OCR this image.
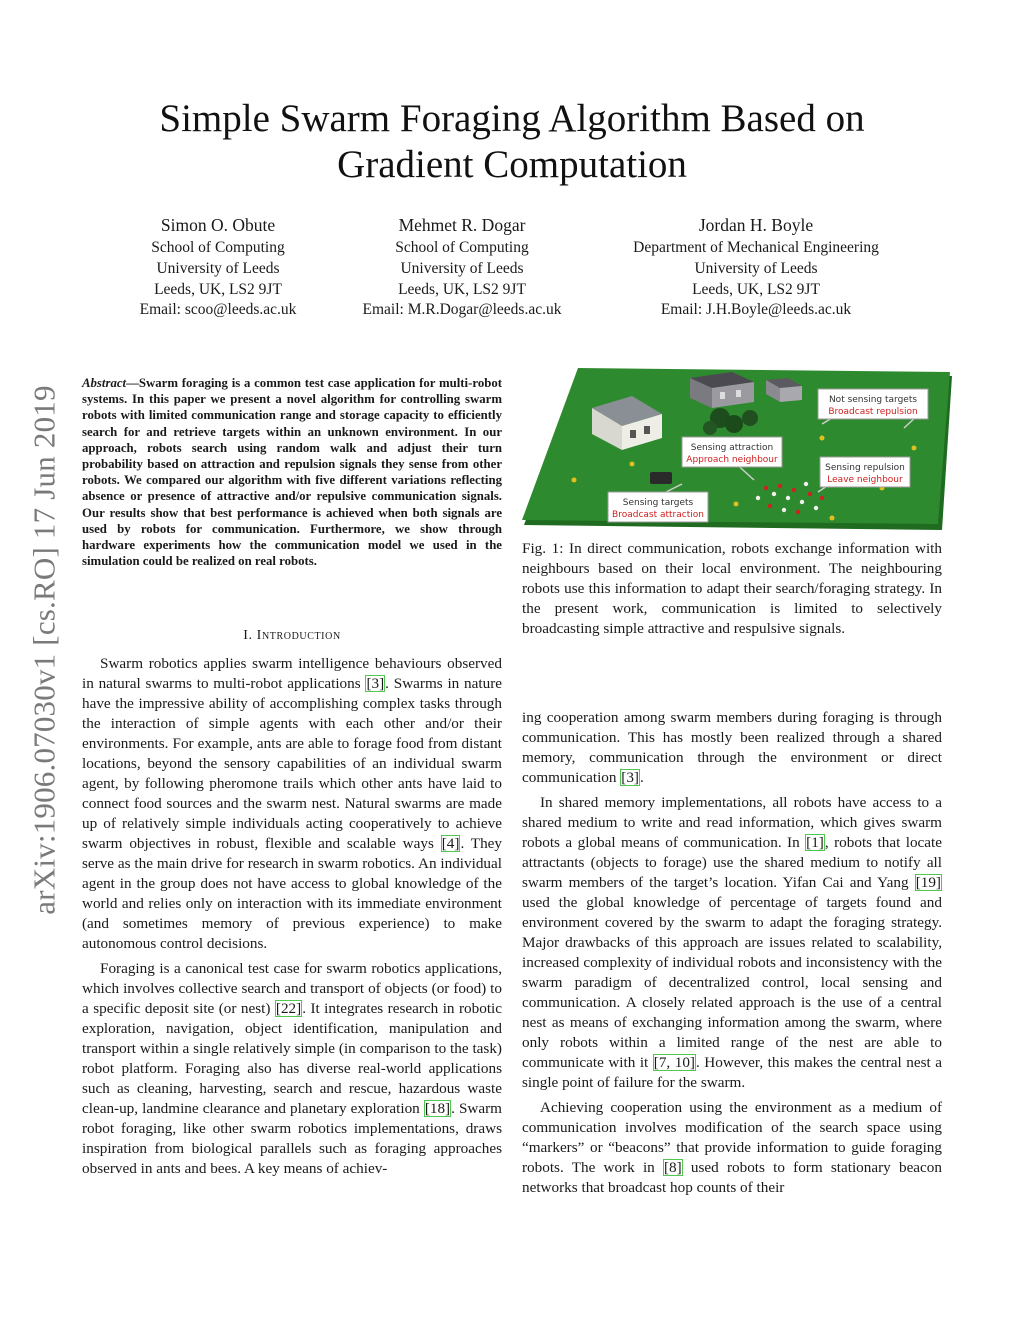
arXiv:1906.07030v1 [cs.RO] 17 Jun 2019
Simple Swarm Foraging Algorithm Based on
Gradient Computation
Simon O. Obute
School of Computing
University of Leeds
Leeds, UK, LS2 9JT
Email: scoo@leeds.ac.uk
Mehmet R. Dogar
School of Computing
University of Leeds
Leeds, UK, LS2 9JT
Email: M.R.Dogar@leeds.ac.uk
Jordan H. Boyle
Department of Mechanical Engineering
University of Leeds
Leeds, UK, LS2 9JT
Email: J.H.Boyle@leeds.ac.uk
Abstract—Swarm foraging is a common test case application for multi-robot systems. In this paper we present a novel algorithm for controlling swarm robots with limited communication range and storage capacity to efficiently search for and retrieve targets within an unknown environment. In our approach, robots search using random walk and adjust their turn probability based on attraction and repulsion signals they sense from other robots. We compared our algorithm with five different variations reflecting absence or presence of attractive and/or repulsive communication signals. Our results show that best performance is achieved when both signals are used by robots for communication. Furthermore, we show through hardware experiments how the communication model we used in the simulation could be realized on real robots.
I. Introduction

Swarm robotics applies swarm intelligence behaviours observed in natural swarms to multi-robot applications [3]. Swarms in nature have the impressive ability of accomplishing complex tasks through the interaction of simple agents with each other and/or their environments. For example, ants are able to forage food from distant locations, beyond the sensory capabilities of an individual swarm agent, by following pheromone trails which other ants have laid to connect food sources and the swarm nest. Natural swarms are made up of relatively simple individuals acting cooperatively to achieve swarm objectives in robust, flexible and scalable ways [4]. They serve as the main drive for research in swarm robotics. An individual agent in the group does not have access to global knowledge of the world and relies only on interaction with its immediate environment (and sometimes memory of previous experience) to make autonomous control decisions.

Foraging is a canonical test case for swarm robotics applications, which involves collective search and transport of objects (or food) to a specific deposit site (or nest) [22]. It integrates research in robotic exploration, navigation, object identification, manipulation and transport within a single relatively simple (in comparison to the task) robot platform. Foraging also has diverse real-world applications such as cleaning, harvesting, search and rescue, hazardous waste clean-up, landmine clearance and planetary exploration [18]. Swarm robot foraging, like other swarm robotics implementations, draws inspiration from biological parallels such as foraging approaches observed in ants and bees. A key means of achiev-

Not sensing targets
Broadcast repulsion
Sensing attraction
Approach neighbour
Sensing repulsion
Leave neighbour
Sensing targets
Broadcast attraction
Fig. 1: In direct communication, robots exchange information with neighbours based on their local environment. The neighbouring robots use this information to adapt their search/foraging strategy. In the present work, communication is limited to selectively broadcasting simple attractive and respulsive signals.

ing cooperation among swarm members during foraging is through communication. This has mostly been realized through a shared memory, communication through the environment or direct communication [3].

In shared memory implementations, all robots have access to a shared medium to write and read information, which gives swarm robots a global means of communication. In [1], robots that locate attractants (objects to forage) use the shared medium to notify all swarm members of the target’s location. Yifan Cai and Yang [19] used the global knowledge of percentage of targets found and environment covered by the swarm to adapt the foraging strategy. Major drawbacks of this approach are issues related to scalability, increased complexity of individual robots and inconsistency with the swarm paradigm of decentralized control, local sensing and communication. A closely related approach is the use of a central nest as means of exchanging information among the swarm, where only robots within a limited range of the nest are able to communicate with it [7, 10]. However, this makes the central nest a single point of failure for the swarm.

Achieving cooperation using the environment as a medium of communication involves modification of the search space using “markers” or “beacons” that provide information to guide foraging robots. The work in [8] used robots to form stationary beacon networks that broadcast hop counts of their
